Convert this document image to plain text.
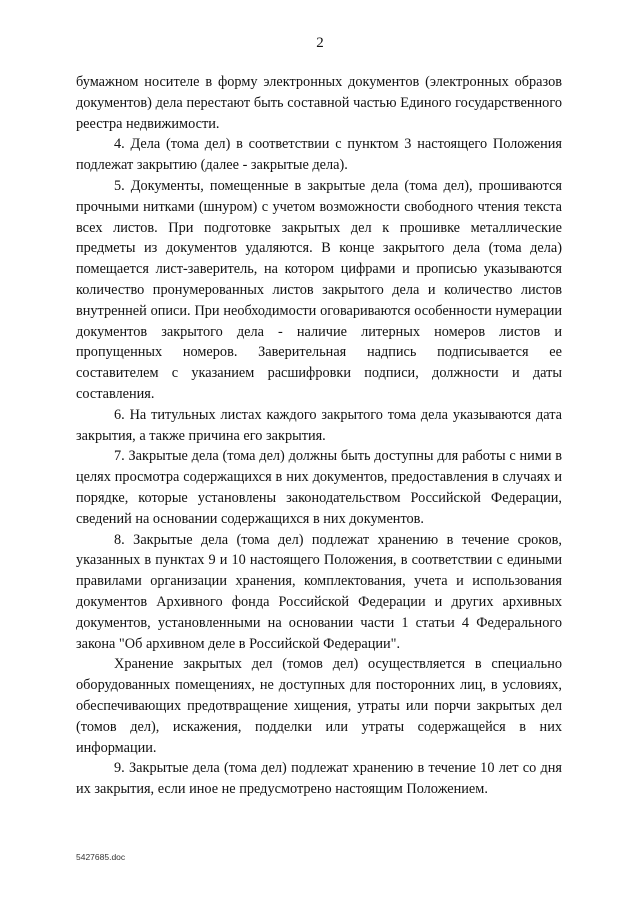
2

бумажном носителе в форму электронных документов (электронных образов документов) дела перестают быть составной частью Единого государственного реестра недвижимости.

4. Дела (тома дел) в соответствии с пунктом 3 настоящего Положения подлежат закрытию (далее - закрытые дела).

5. Документы, помещенные в закрытые дела (тома дел), прошиваются прочными нитками (шнуром) с учетом возможности свободного чтения текста всех листов. При подготовке закрытых дел к прошивке металлические предметы из документов удаляются. В конце закрытого дела (тома дела) помещается лист-заверитель, на котором цифрами и прописью указываются количество пронумерованных листов закрытого дела и количество листов внутренней описи. При необходимости оговариваются особенности нумерации документов закрытого дела - наличие литерных номеров листов и пропущенных номеров. Заверительная надпись подписывается ее составителем с указанием расшифровки подписи, должности и даты составления.

6. На титульных листах каждого закрытого тома дела указываются дата закрытия, а также причина его закрытия.

7. Закрытые дела (тома дел) должны быть доступны для работы с ними в целях просмотра содержащихся в них документов, предоставления в случаях и порядке, которые установлены законодательством Российской Федерации, сведений на основании содержащихся в них документов.

8. Закрытые дела (тома дел) подлежат хранению в течение сроков, указанных в пунктах 9 и 10 настоящего Положения, в соответствии с едиными правилами организации хранения, комплектования, учета и использования документов Архивного фонда Российской Федерации и других архивных документов, установленными на основании части 1 статьи 4 Федерального закона "Об архивном деле в Российской Федерации".

Хранение закрытых дел (томов дел) осуществляется в специально оборудованных помещениях, не доступных для посторонних лиц, в условиях, обеспечивающих предотвращение хищения, утраты или порчи закрытых дел (томов дел), искажения, подделки или утраты содержащейся в них информации.

9. Закрытые дела (тома дел) подлежат хранению в течение 10 лет со дня их закрытия, если иное не предусмотрено настоящим Положением.

5427685.doc
